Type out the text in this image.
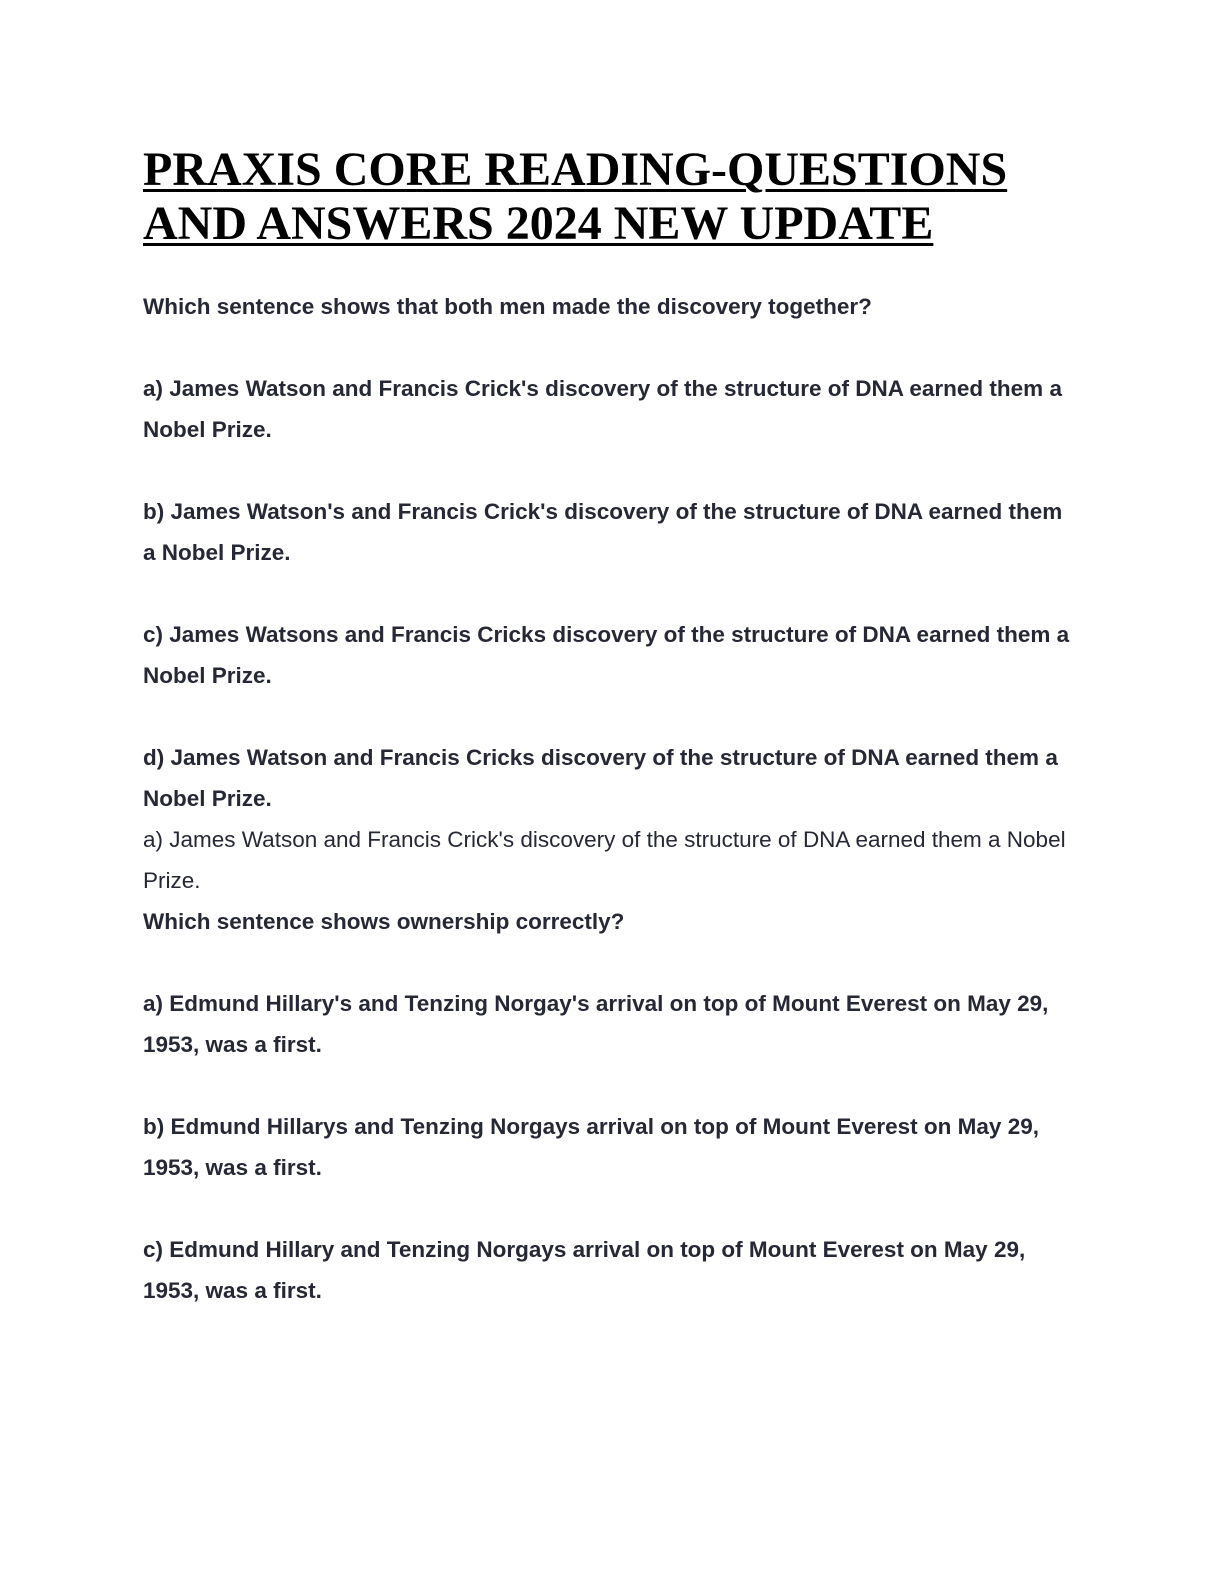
PRAXIS CORE READING-QUESTIONS
AND ANSWERS 2024 NEW UPDATE

Which sentence shows that both men made the discovery together?

a) James Watson and Francis Crick's discovery of the structure of DNA earned them a Nobel Prize.

b) James Watson's and Francis Crick's discovery of the structure of DNA earned them a Nobel Prize.

c) James Watsons and Francis Cricks discovery of the structure of DNA earned them a Nobel Prize.

d) James Watson and Francis Cricks discovery of the structure of DNA earned them a Nobel Prize.

a) James Watson and Francis Crick's discovery of the structure of DNA earned them a Nobel Prize.

Which sentence shows ownership correctly?

a) Edmund Hillary's and Tenzing Norgay's arrival on top of Mount Everest on May 29, 1953, was a first.

b) Edmund Hillarys and Tenzing Norgays arrival on top of Mount Everest on May 29, 1953, was a first.

c) Edmund Hillary and Tenzing Norgays arrival on top of Mount Everest on May 29, 1953, was a first.
